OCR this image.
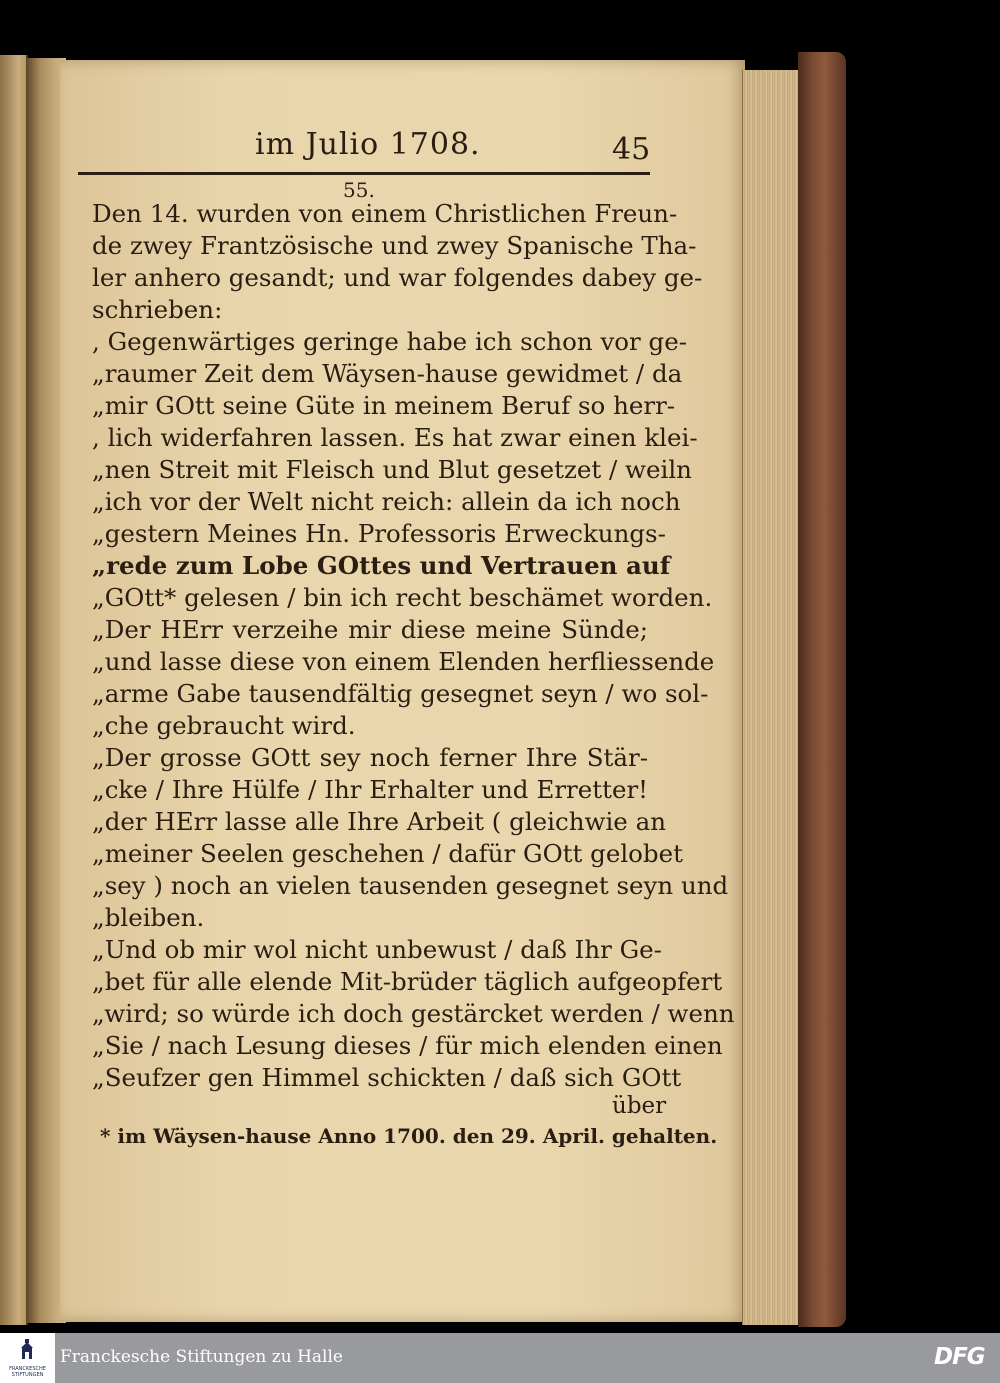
im Julio 1708.	45
55.
Den 14. wurden von einem Christlichen Freun-
de zwey Frantzösische und zwey Spanische Tha-
ler anhero gesandt; und war folgendes dabey ge-
schrieben:
, Gegenwärtiges geringe habe ich schon vor ge-
„raumer Zeit dem Wäysen-hause gewidmet / da
„mir GOtt seine Güte in meinem Beruf so herr-
, lich widerfahren lassen. Es hat zwar einen klei-
„nen Streit mit Fleisch und Blut gesetzet / weiln
„ich vor der Welt nicht reich: allein da ich noch
„gestern Meines Hn. Professoris Erweckungs-
„rede zum Lobe GOttes und Vertrauen auf
„GOtt* gelesen / bin ich recht beschämet worden.
„Der HErr verzeihe mir diese meine Sünde;
„und lasse diese von einem Elenden herfliessende
„arme Gabe tausendfältig gesegnet seyn / wo sol-
„che gebraucht wird.
„Der grosse GOtt sey noch ferner Ihre Stär-
„cke / Ihre Hülfe / Ihr Erhalter und Erretter!
„der HErr lasse alle Ihre Arbeit ( gleichwie an
„meiner Seelen geschehen / dafür GOtt gelobet
„sey ) noch an vielen tausenden gesegnet seyn und
„bleiben.
„Und ob mir wol nicht unbewust / daß Ihr Ge-
„bet für alle elende Mit-brüder täglich aufgeopfert
„wird; so würde ich doch gestärcket werden / wenn
„Sie / nach Lesung dieses / für mich elenden einen
„Seufzer gen Himmel schickten / daß sich GOtt
über
* im Wäysen-hause Anno 1700. den 29. April. gehalten.
FRANCKESCHE STIFTUNGEN
Franckesche Stiftungen zu Halle	DFG
